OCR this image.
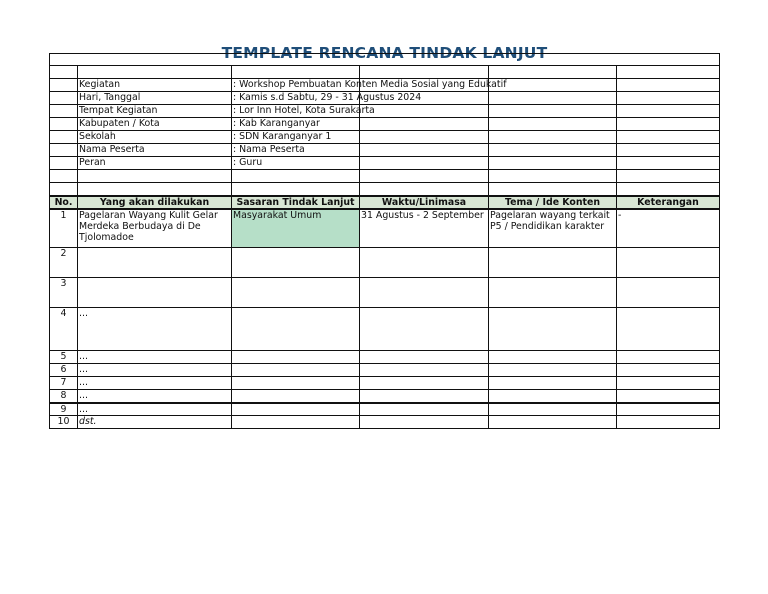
TEMPLATE RENCANA TINDAK LANJUT

	Kegiatan	: Workshop Pembuatan Konten Media Sosial yang Edukatif			
	Hari, Tanggal	: Kamis s.d Sabtu, 29 - 31 Agustus 2024			
	Tempat Kegiatan	: Lor Inn Hotel, Kota Surakarta			
	Kabupaten / Kota	: Kab Karanganyar			
	Sekolah	: SDN Karanganyar 1			
	Nama Peserta	: Nama Peserta			
	Peran	: Guru			

No.	Yang akan dilakukan	Sasaran Tindak Lanjut	Waktu/Linimasa	Tema / Ide Konten	Keterangan
1	Pagelaran Wayang Kulit Gelar Merdeka Berbudaya di De Tjolomadoe	Masyarakat Umum	31 Agustus - 2 September	Pagelaran wayang terkait P5 / Pendidikan karakter	-
2					
3					
4	...				
5	...				
6	...				
7	...				
8	...				
9	...				
10	dst.				
